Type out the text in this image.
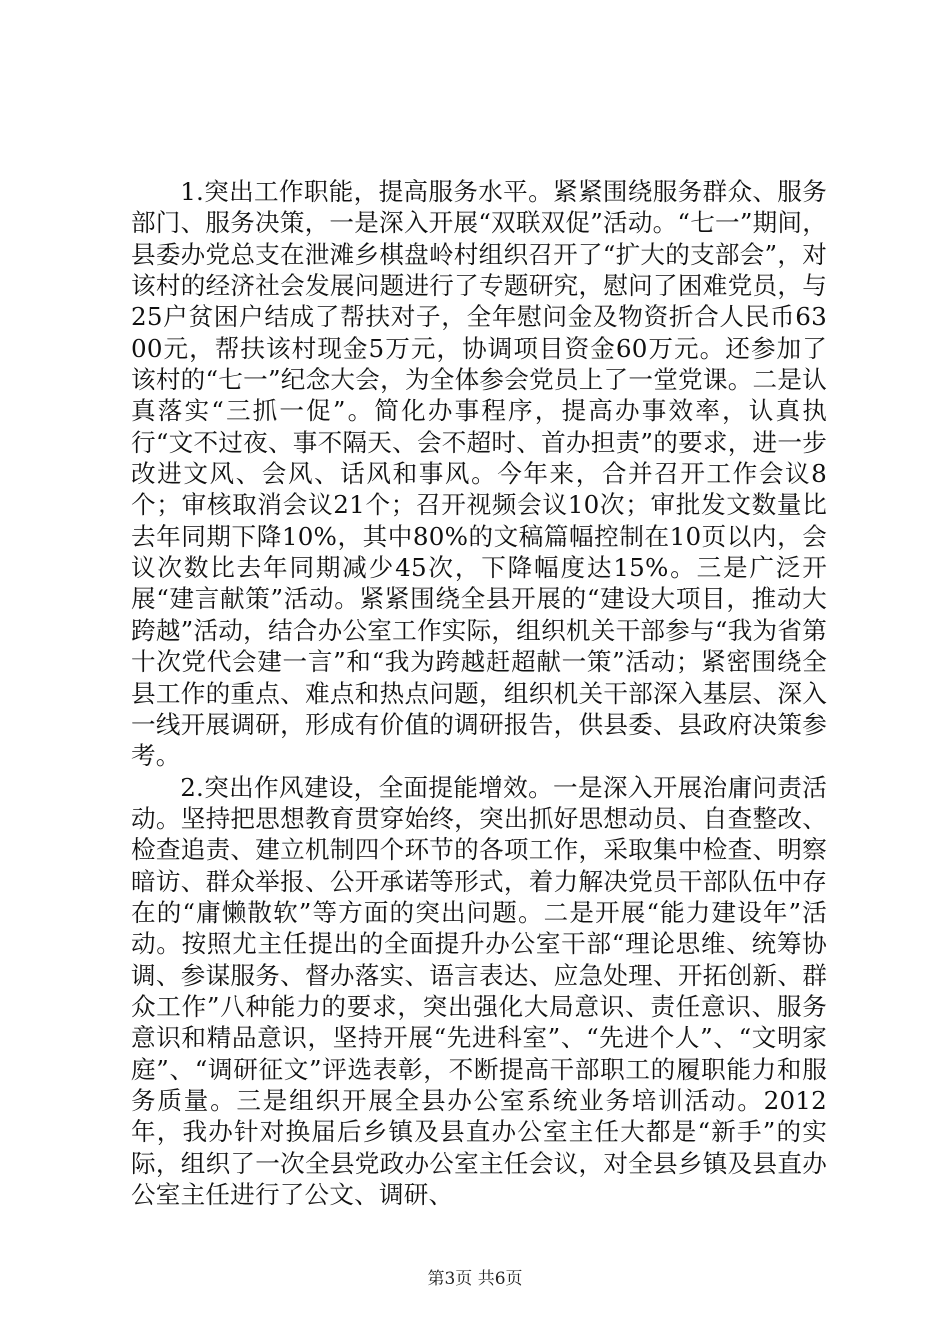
1.突出工作职能，提高服务水平。紧紧围绕服务群众、服务部门、服务决策，一是深入开展“双联双促”活动。“七一”期间，县委办党总支在泄滩乡棋盘岭村组织召开了“扩大的支部会”，对该村的经济社会发展问题进行了专题研究，慰问了困难党员，与25户贫困户结成了帮扶对子，全年慰问金及物资折合人民币6300元，帮扶该村现金5万元，协调项目资金60万元。还参加了该村的“七一”纪念大会，为全体参会党员上了一堂党课。二是认真落实“三抓一促”。简化办事程序，提高办事效率，认真执行“文不过夜、事不隔天、会不超时、首办担责”的要求，进一步改进文风、会风、话风和事风。今年来，合并召开工作会议8个；审核取消会议21个；召开视频会议10次；审批发文数量比去年同期下降10%，其中80%的文稿篇幅控制在10页以内，会议次数比去年同期减少45次，下降幅度达15%。三是广泛开展“建言献策”活动。紧紧围绕全县开展的“建设大项目，推动大跨越”活动，结合办公室工作实际，组织机关干部参与“我为省第十次党代会建一言”和“我为跨越赶超献一策”活动；紧密围绕全县工作的重点、难点和热点问题，组织机关干部深入基层、深入一线开展调研，形成有价值的调研报告，供县委、县政府决策参考。

2.突出作风建设，全面提能增效。一是深入开展治庸问责活动。坚持把思想教育贯穿始终，突出抓好思想动员、自查整改、检查追责、建立机制四个环节的各项工作，采取集中检查、明察暗访、群众举报、公开承诺等形式，着力解决党员干部队伍中存在的“庸懒散软”等方面的突出问题。二是开展“能力建设年”活动。按照尤主任提出的全面提升办公室干部“理论思维、统筹协调、参谋服务、督办落实、语言表达、应急处理、开拓创新、群众工作”八种能力的要求，突出强化大局意识、责任意识、服务意识和精品意识，坚持开展“先进科室”、“先进个人”、“文明家庭”、“调研征文”评选表彰，不断提高干部职工的履职能力和服务质量。三是组织开展全县办公室系统业务培训活动。2012年，我办针对换届后乡镇及县直办公室主任大都是“新手”的实际，组织了一次全县党政办公室主任会议，对全县乡镇及县直办公室主任进行了公文、调研、

第3页 共6页
